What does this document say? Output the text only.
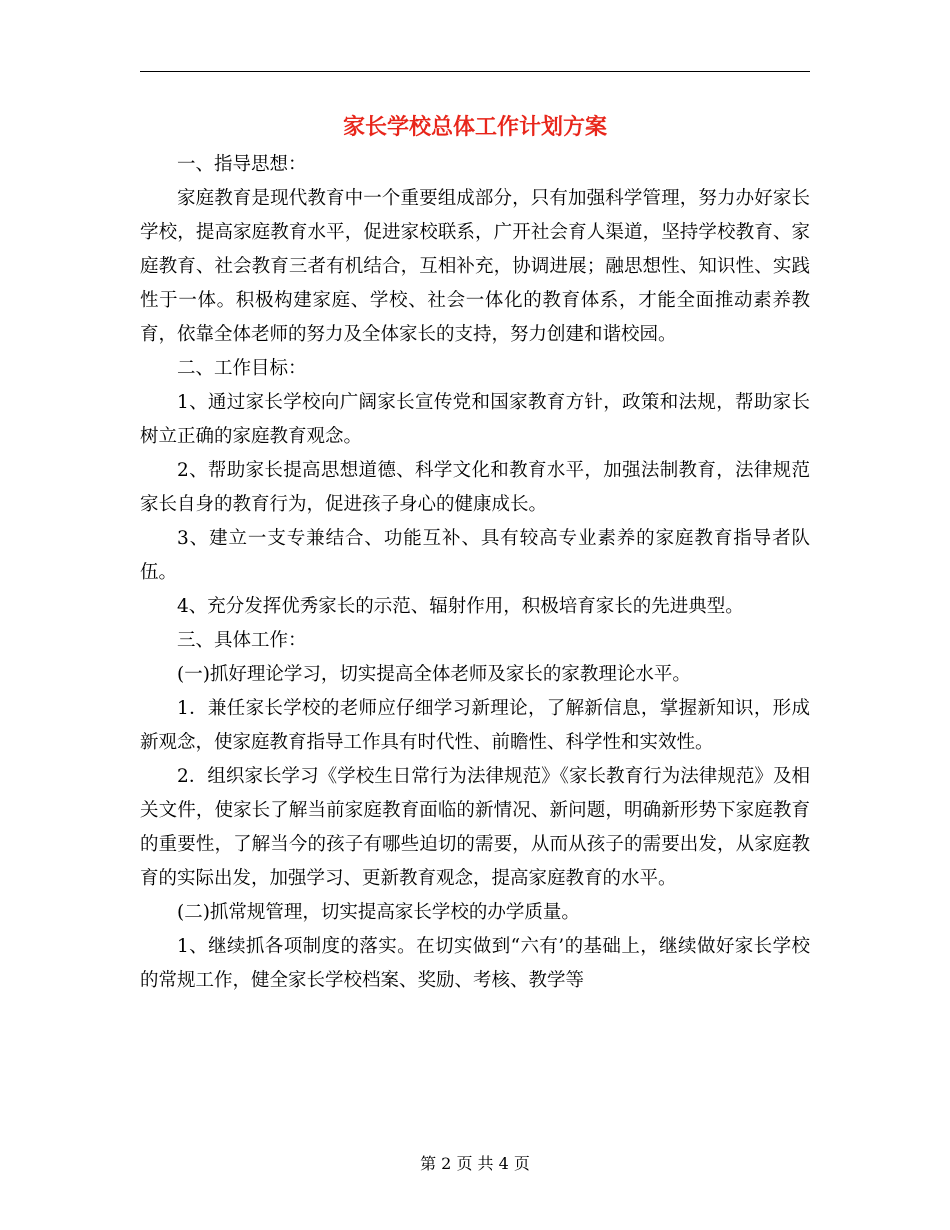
家长学校总体工作计划方案

一、指导思想：

家庭教育是现代教育中一个重要组成部分，只有加强科学管理，努力办好家长学校，提高家庭教育水平，促进家校联系，广开社会育人渠道，坚持学校教育、家庭教育、社会教育三者有机结合，互相补充，协调进展；融思想性、知识性、实践性于一体。积极构建家庭、学校、社会一体化的教育体系，才能全面推动素养教育，依靠全体老师的努力及全体家长的支持，努力创建和谐校园。

二、工作目标：

1、通过家长学校向广阔家长宣传党和国家教育方针，政策和法规，帮助家长树立正确的家庭教育观念。

2、帮助家长提高思想道德、科学文化和教育水平，加强法制教育，法律规范家长自身的教育行为，促进孩子身心的健康成长。

3、建立一支专兼结合、功能互补、具有较高专业素养的家庭教育指导者队伍。

4、充分发挥优秀家长的示范、辐射作用，积极培育家长的先进典型。

三、具体工作：

(一)抓好理论学习，切实提高全体老师及家长的家教理论水平。

1．兼任家长学校的老师应仔细学习新理论，了解新信息，掌握新知识，形成新观念，使家庭教育指导工作具有时代性、前瞻性、科学性和实效性。

2．组织家长学习《学校生日常行为法律规范》《家长教育行为法律规范》及相关文件，使家长了解当前家庭教育面临的新情况、新问题，明确新形势下家庭教育的重要性，了解当今的孩子有哪些迫切的需要，从而从孩子的需要出发，从家庭教育的实际出发，加强学习、更新教育观念，提高家庭教育的水平。

(二)抓常规管理，切实提高家长学校的办学质量。

1、继续抓各项制度的落实。在切实做到“六有’的基础上，继续做好家长学校的常规工作，健全家长学校档案、奖励、考核、教学等

第 2 页 共 4 页
